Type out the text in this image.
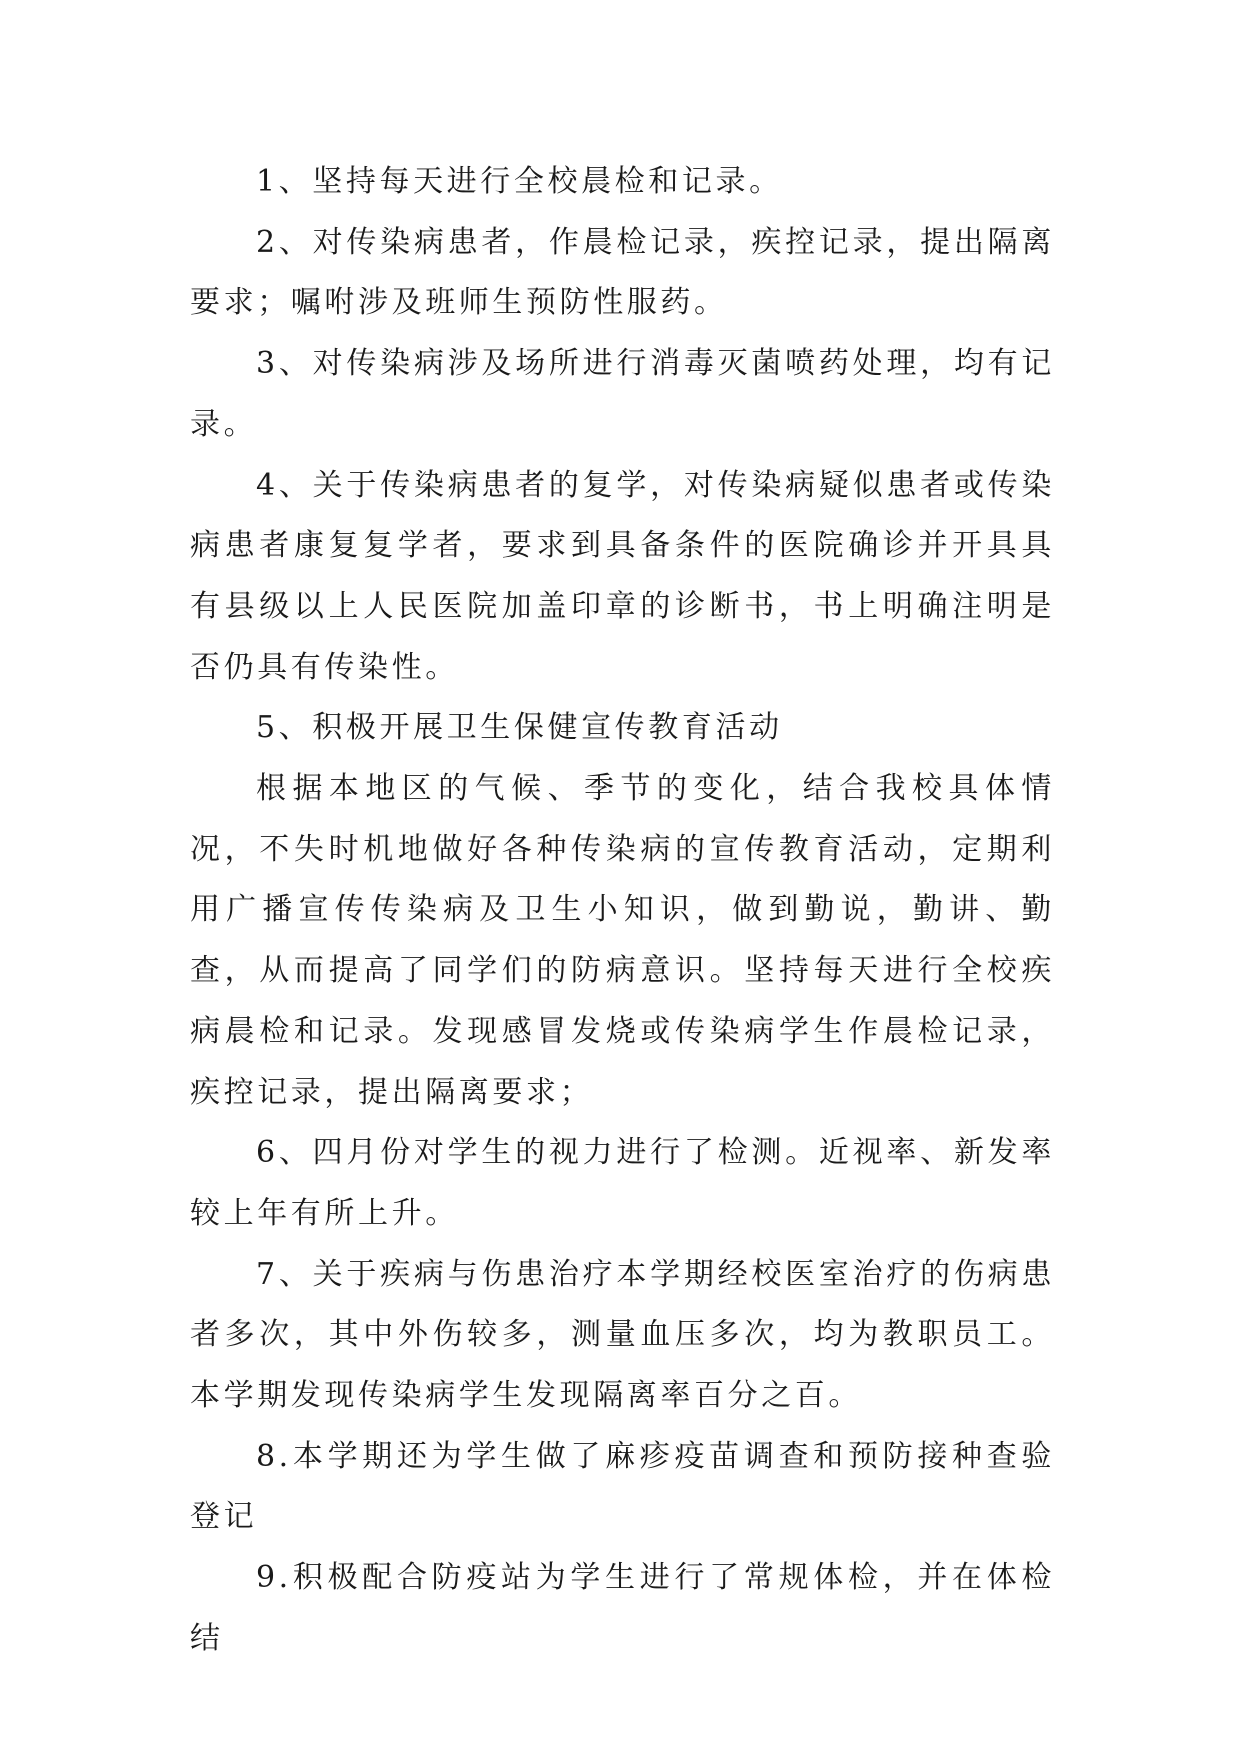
1、坚持每天进行全校晨检和记录。

2、对传染病患者，作晨检记录，疾控记录，提出隔离要求；嘱咐涉及班师生预防性服药。

3、对传染病涉及场所进行消毒灭菌喷药处理，均有记录。

4、关于传染病患者的复学，对传染病疑似患者或传染病患者康复复学者，要求到具备条件的医院确诊并开具具有县级以上人民医院加盖印章的诊断书，书上明确注明是否仍具有传染性。

5、积极开展卫生保健宣传教育活动

根据本地区的气候、季节的变化，结合我校具体情况，不失时机地做好各种传染病的宣传教育活动，定期利用广播宣传传染病及卫生小知识，做到勤说，勤讲、勤查，从而提高了同学们的防病意识。坚持每天进行全校疾病晨检和记录。发现感冒发烧或传染病学生作晨检记录，疾控记录，提出隔离要求；

6、四月份对学生的视力进行了检测。近视率、新发率较上年有所上升。

7、关于疾病与伤患治疗本学期经校医室治疗的伤病患者多次，其中外伤较多，测量血压多次，均为教职员工。本学期发现传染病学生发现隔离率百分之百。

8.本学期还为学生做了麻疹疫苗调查和预防接种查验登记

9.积极配合防疫站为学生进行了常规体检，并在体检结
